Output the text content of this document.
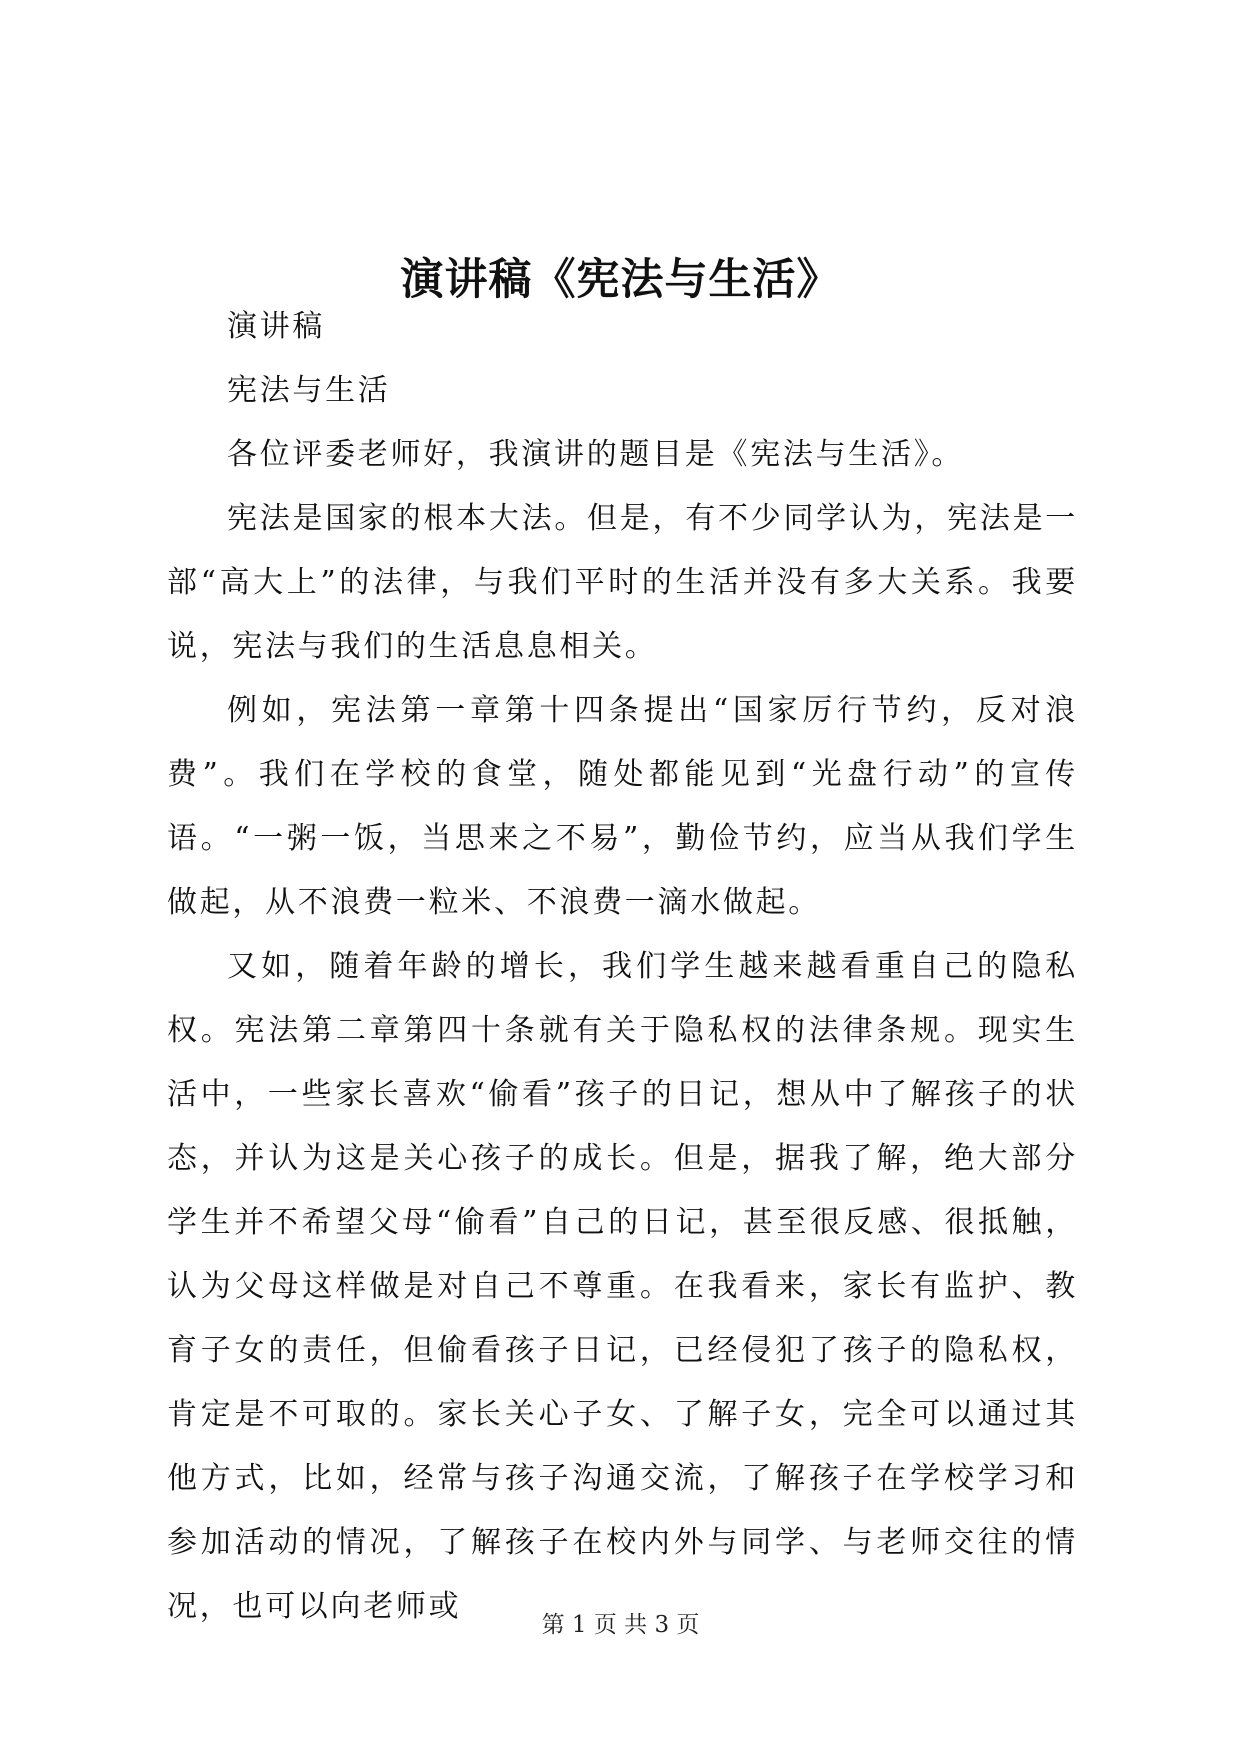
演讲稿《宪法与生活》

演讲稿

宪法与生活

各位评委老师好，我演讲的题目是《宪法与生活》。

宪法是国家的根本大法。但是，有不少同学认为，宪法是一部“高大上”的法律，与我们平时的生活并没有多大关系。我要说，宪法与我们的生活息息相关。

例如，宪法第一章第十四条提出“国家厉行节约，反对浪费”。我们在学校的食堂，随处都能见到“光盘行动”的宣传语。“一粥一饭，当思来之不易”，勤俭节约，应当从我们学生做起，从不浪费一粒米、不浪费一滴水做起。

又如，随着年龄的增长，我们学生越来越看重自己的隐私权。宪法第二章第四十条就有关于隐私权的法律条规。现实生活中，一些家长喜欢“偷看”孩子的日记，想从中了解孩子的状态，并认为这是关心孩子的成长。但是，据我了解，绝大部分学生并不希望父母“偷看”自己的日记，甚至很反感、很抵触，认为父母这样做是对自己不尊重。在我看来，家长有监护、教育子女的责任，但偷看孩子日记，已经侵犯了孩子的隐私权，肯定是不可取的。家长关心子女、了解子女，完全可以通过其他方式，比如，经常与孩子沟通交流，了解孩子在学校学习和参加活动的情况，了解孩子在校内外与同学、与老师交往的情况，也可以向老师或

第 1 页 共 3 页
